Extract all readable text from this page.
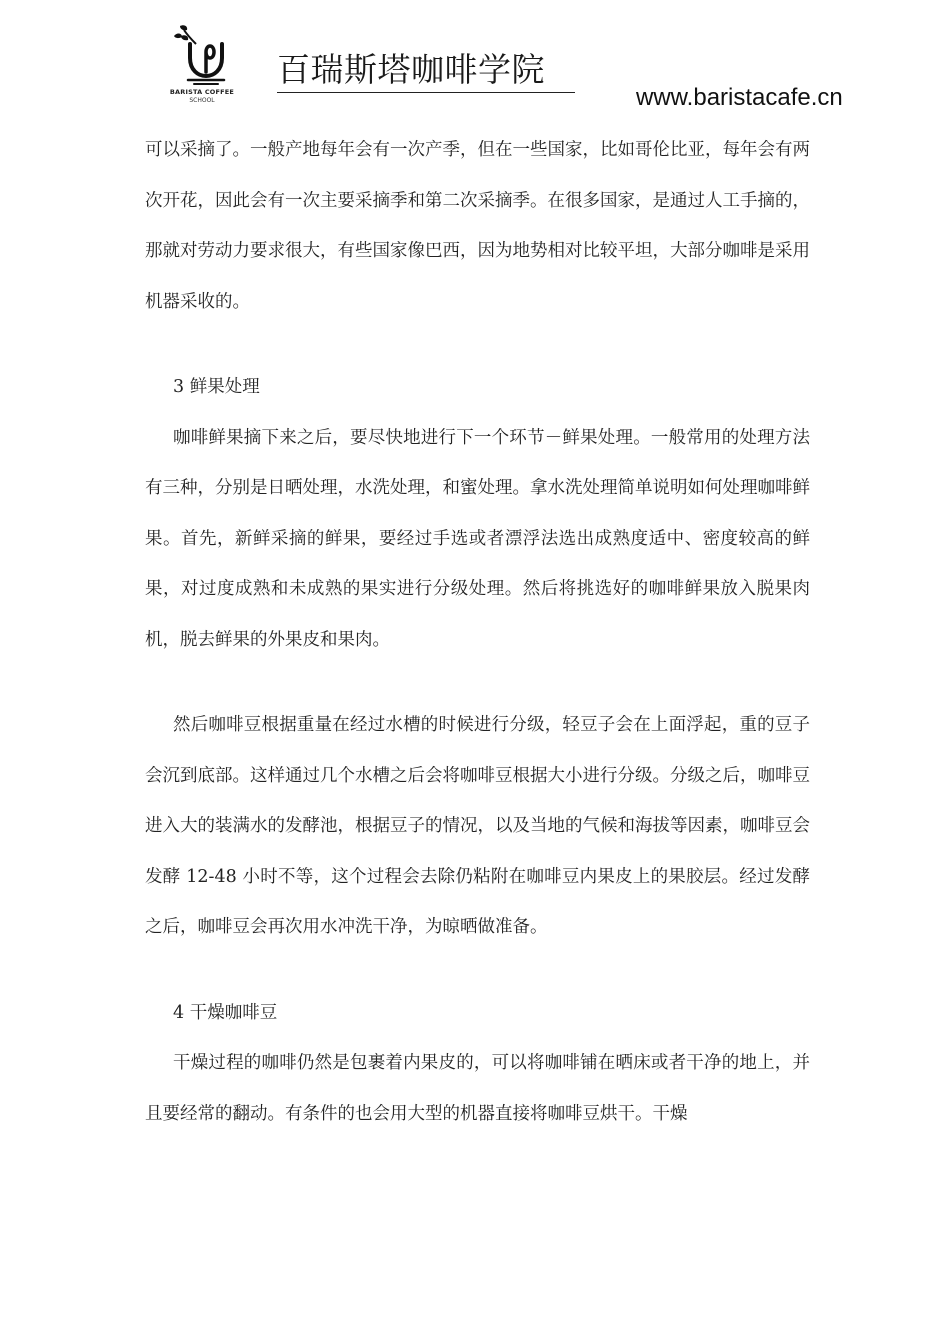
BARISTA COFFEE
SCHOOL
百瑞斯塔咖啡学院
www.baristacafe.cn

可以采摘了。一般产地每年会有一次产季，但在一些国家，比如哥伦比亚，每年会有两次开花，因此会有一次主要采摘季和第二次采摘季。在很多国家，是通过人工手摘的，那就对劳动力要求很大，有些国家像巴西，因为地势相对比较平坦，大部分咖啡是采用机器采收的。

3 鲜果处理

咖啡鲜果摘下来之后，要尽快地进行下一个环节－鲜果处理。一般常用的处理方法有三种，分别是日晒处理，水洗处理，和蜜处理。拿水洗处理简单说明如何处理咖啡鲜果。首先，新鲜采摘的鲜果，要经过手选或者漂浮法选出成熟度适中、密度较高的鲜果，对过度成熟和未成熟的果实进行分级处理。然后将挑选好的咖啡鲜果放入脱果肉机，脱去鲜果的外果皮和果肉。

然后咖啡豆根据重量在经过水槽的时候进行分级，轻豆子会在上面浮起，重的豆子会沉到底部。这样通过几个水槽之后会将咖啡豆根据大小进行分级。分级之后，咖啡豆进入大的装满水的发酵池，根据豆子的情况，以及当地的气候和海拔等因素，咖啡豆会发酵 12-48 小时不等，这个过程会去除仍粘附在咖啡豆内果皮上的果胶层。经过发酵之后，咖啡豆会再次用水冲洗干净，为晾晒做准备。

4 干燥咖啡豆

干燥过程的咖啡仍然是包裹着内果皮的，可以将咖啡铺在晒床或者干净的地上，并且要经常的翻动。有条件的也会用大型的机器直接将咖啡豆烘干。干燥
